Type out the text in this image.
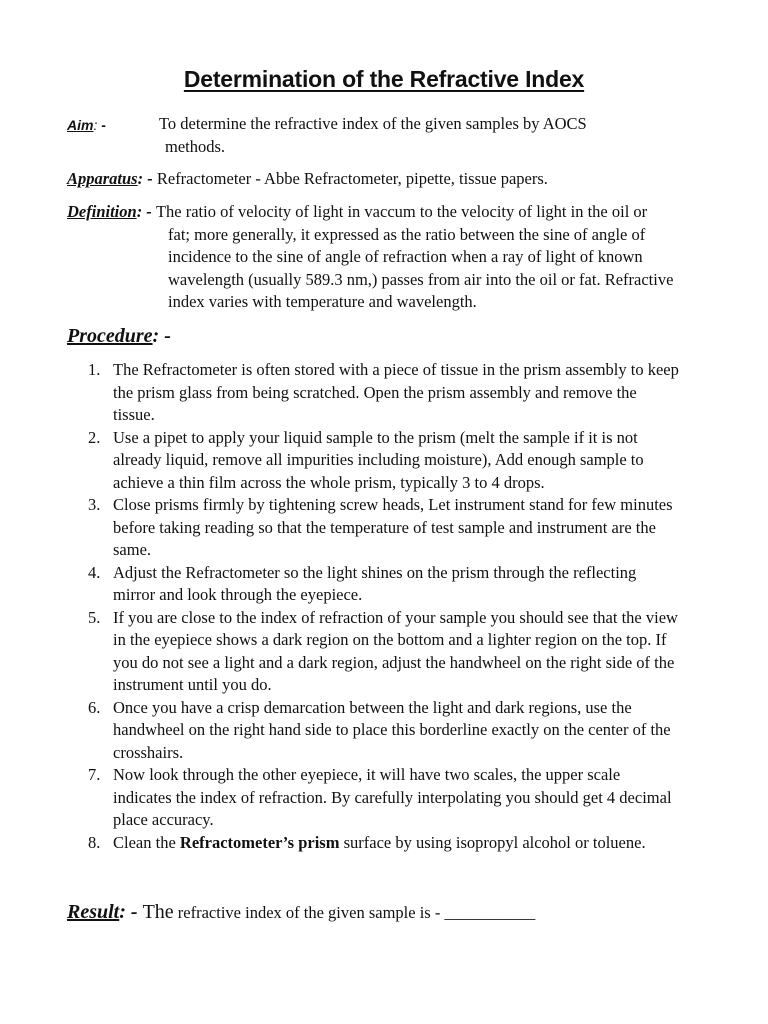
Determination of the Refractive Index
Aim: -	To determine the refractive index of the given samples by AOCS
methods.
Apparatus: - Refractometer - Abbe Refractometer, pipette, tissue papers.
Definition: - The ratio of velocity of light in vaccum to the velocity of light in the oil or
fat; more generally, it expressed as the ratio between the sine of angle of
incidence to the sine of angle of refraction when a ray of light of known
wavelength (usually 589.3 nm,) passes from air into the oil or fat. Refractive
index varies with temperature and wavelength.
Procedure: -
1. The Refractometer is often stored with a piece of tissue in the prism assembly to keep
the prism glass from being scratched. Open the prism assembly and remove the
tissue.
2. Use a pipet to apply your liquid sample to the prism (melt the sample if it is not
already liquid, remove all impurities including moisture), Add enough sample to
achieve a thin film across the whole prism, typically 3 to 4 drops.
3. Close prisms firmly by tightening screw heads, Let instrument stand for few minutes
before taking reading so that the temperature of test sample and instrument are the
same.
4. Adjust the Refractometer so the light shines on the prism through the reflecting
mirror and look through the eyepiece.
5. If you are close to the index of refraction of your sample you should see that the view
in the eyepiece shows a dark region on the bottom and a lighter region on the top. If
you do not see a light and a dark region, adjust the handwheel on the right side of the
instrument until you do.
6. Once you have a crisp demarcation between the light and dark regions, use the
handwheel on the right hand side to place this borderline exactly on the center of the
crosshairs.
7. Now look through the other eyepiece, it will have two scales, the upper scale
indicates the index of refraction. By carefully interpolating you should get 4 decimal
place accuracy.
8. Clean the Refractometer’s prism surface by using isopropyl alcohol or toluene.
Result: - The refractive index of the given sample is - ___________
